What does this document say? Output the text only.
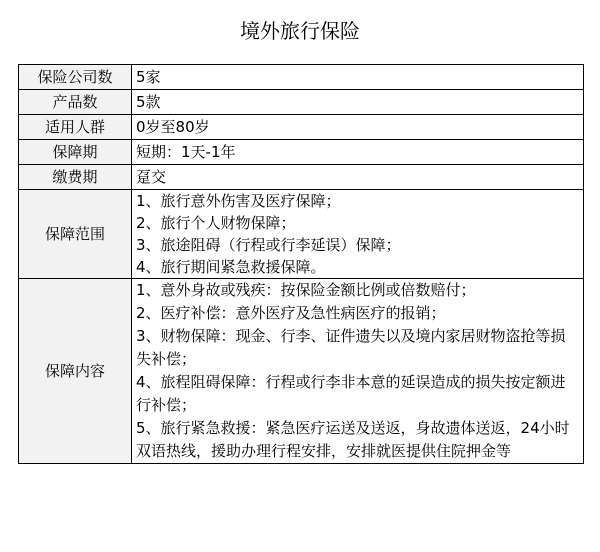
境外旅行保险
保险公司数	5家
产品数	5款
适用人群	0岁至80岁
保障期	短期：1天-1年
缴费期	趸交
保障范围	1、旅行意外伤害及医疗保障；
2、旅行个人财物保障；
3、旅途阻碍（行程或行李延误）保障；
4、旅行期间紧急救援保障。

保障内容	1、意外身故或残疾：按保险金额比例或倍数赔付；
2、医疗补偿：意外医疗及急性病医疗的报销；
3、财物保障：现金、行李、证件遗失以及境内家居财物盗抢等损失补偿；
4、旅程阻碍保障：行程或行李非本意的延误造成的损失按定额进行补偿；
5、旅行紧急救援：紧急医疗运送及送返，身故遗体送返，24小时双语热线，援助办理行程安排，安排就医提供住院押金等
